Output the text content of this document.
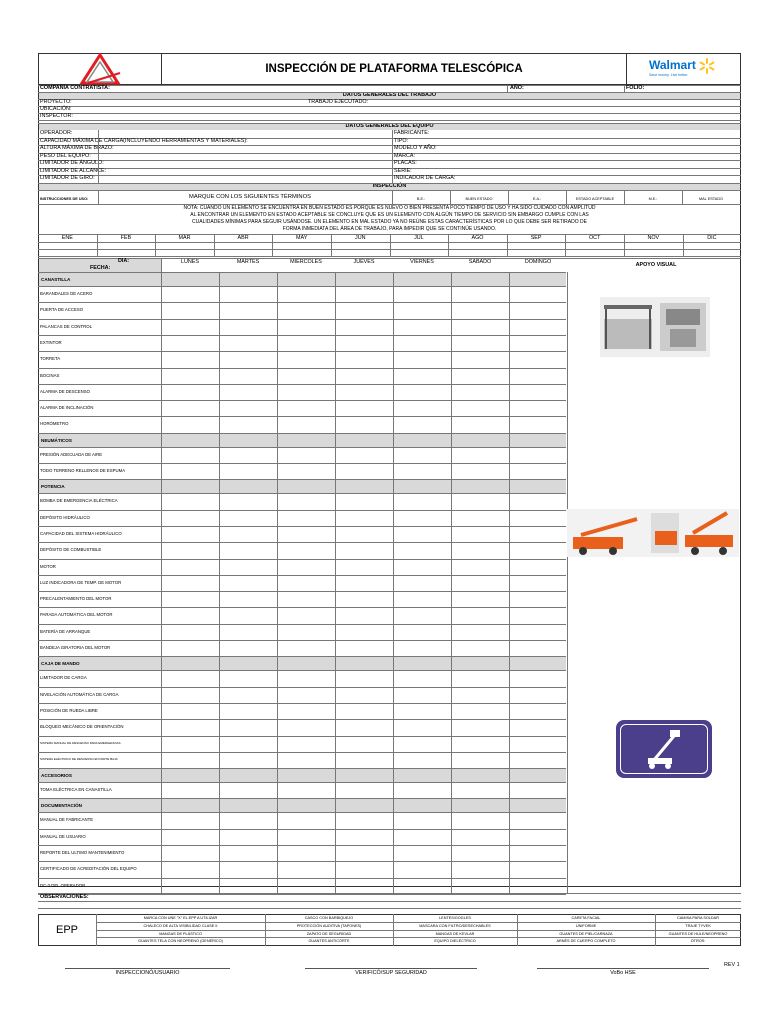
INSPECCIÓN DE PLATAFORMA TELESCÓPICA	Walmart
Save money. Live better.
COMPAÑÍA CONTRATISTA:	AÑO:	FOLIO:
DATOS GENERALES DEL TRABAJO
PROYECTO:	TRABAJO EJECUTADO:
UBICACIÓN:
INSPECTOR:
DATOS GENERALES DEL EQUIPO
OPERADOR:	FABRICANTE:
CAPACIDAD MÁXIMA DE CARGA(INCLUYENDO HERRAMIENTAS Y MATERIALES):	TIPO:
ALTURA MÁXIMA DE BRAZO:	MODELO Y AÑO:
PESO DEL EQUIPO:	MARCA:
LIMITADOR DE ÁNGULO:	PLACAS:
LIMITADOR DE ALCANCE:	SERIE:
LIMITADOR DE GIRO:	INDICADOR DE CARGA:
INSPECCIÓN
INSTRUCCIONES DE USO:	MARQUE CON LOS SIGUIENTES TÉRMINOS	B.E.:	BUEN ESTADO	E.A.:	ESTADO ACEPTABLE	M.E.:	MAL ESTADO
NOTA: CUANDO UN ELEMENTO SE ENCUENTRA EN BUEN ESTADO ES PORQUE ES NUEVO O BIEN PRESENTA POCO TIEMPO DE USO Y HA SIDO CUIDADO CON AMPLITUD
AL ENCONTRAR UN ELEMENTO EN ESTADO ACEPTABLE SE CONCLUYE QUE ES UN ELEMENTO CON ALGÚN TIEMPO DE SERVICIO SIN EMBARGO CUMPLE CON LAS
CUALIDADES MÍNIMAS PARA SEGUIR USÁNDOSE. UN ELEMENTO EN MAL ESTADO YA NO REÚNE ESTAS CARACTERÍSTICAS POR LO QUE DEBE SER RETIRADO DE
FORMA INMEDIATA DEL ÁREA DE TRABAJO, PARA IMPEDIR QUE SE CONTINÚE USANDO.
ENE	FEB	MAR	ABR	MAY	JUN	JUL	AGO	SEP	OCT	NOV	DIC
DIA:
FECHA:
LUNES	MARTES	MIERCOLES	JUEVES	VIERNES	SABADO	DOMINGO	APOYO VISUAL
CANASTILLA
BARANDALES DE ACERO
PUERTA DE ACCESO
PALANCAS DE CONTROL
EXTINTOR
TORRETA
BOCINAS
ALARMA DE DESCENSO
ALARMA DE INCLINACIÓN
HORÓMETRO
NEUMÁTICOS
PRESIÓN ADECUADA DE AIRE
TODO TERRENO RELLENOS DE ESPUMA
POTENCIA
BOMBA DE EMERGENCIA ELÉCTRICA
DEPÓSITO HIDRÁULICO
CAPACIDAD DEL SISTEMA HIDRÁULICO
DEPÓSITO DE COMBUSTIBLE
MOTOR
LUZ INDICADORA DE TEMP. DE MOTOR
PRECALENTAMIENTO DEL MOTOR
PARADA AUTOMÁTICA DEL MOTOR
BATERÍA DE ARRANQUE
BANDEJA GIRATORIA DEL MOTOR
CAJA DE MANDO
LIMITADOR DE CARGA
NIVELACIÓN AUTOMÁTICA DE CARGA
POSICIÓN DE RUEDA LIBRE
BLOQUEO MECÁNICO DE ORIENTACIÓN
SISTEMA MANUAL DE DESCENSO PARA EMERGENCIAS
SISTEMA ELÉCTRICO DE DESCENSO EN PARTE BAJA
ACCESORIOS
TOMA ELÉCTRICA EN CANASTILLA
DOCUMENTACIÓN
MANUAL DE FABRICANTE
MANUAL DE USUARIO
REPORTE DEL ULTIMO MANTENIMIENTO
CERTIFICADO DE ACREDITACIÓN DEL EQUIPO
DC-3 DEL OPERADOR
OBSERVACIONES:
EPP
MARCA CON UNE "X" EL EPP A UTILIZAR	CASCO CON BARBIQUEJO	LENTES/GOGLES	CARETA FACIAL	CAMISA PARA SOLDAR
CHALECO DE ALTA VISIBILIDAD CLASE II	PROTECCIÓN AUDITIVA (TAPONES)	MASCARA CON FILTRO/DESECHABLES	UNIFORME	TRAJE TYVEK
MANGAS DE PLÁSTICO	ZAPATO DE SEGURIDAD	MANGAS DE KEVLAR	GUANTES DE PIEL/CARNAZA	GUANTES DE HULE/NEOPRENO
GUANTES TELA CON NEOPRENO (GENÉRICO)	GUANTES ANTICORTE	EQUIPO DIELÉCTRICO	ARNÉS DE CUERPO COMPLETO	OTROS:
INSPECCIONÓ/USUARIO	VERIFICÓ/SUP SEGURIDAD	VoBo HSE
REV 1
